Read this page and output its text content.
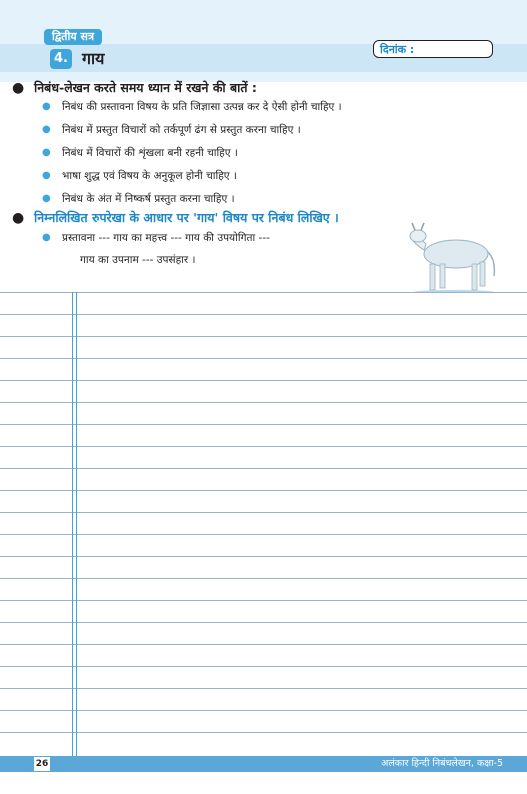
द्वितीय सत्र
4. गाय	दिनांक :
● निबंध-लेखन करते समय ध्यान में रखने की बातें :
● निबंध की प्रस्तावना विषय के प्रति जिज्ञासा उत्पन्न कर दे ऐसी होनी चाहिए ।
● निबंध में प्रस्तुत विचारों को तर्कपूर्ण ढंग से प्रस्तुत करना चाहिए ।
● निबंध में विचारों की शृंखला बनी रहनी चाहिए ।
● भाषा शुद्ध एवं विषय के अनुकूल होनी चाहिए ।
● निबंध के अंत में निष्कर्ष प्रस्तुत करना चाहिए ।
● निम्नलिखित रुपरेखा के आधार पर 'गाय' विषय पर निबंध लिखिए ।
● प्रस्तावना --- गाय का महत्त्व --- गाय की उपयोगिता ---
गाय का उपनाम --- उपसंहार ।
26	अलंकार हिन्दी निबंधलेखन, कक्षा-5
